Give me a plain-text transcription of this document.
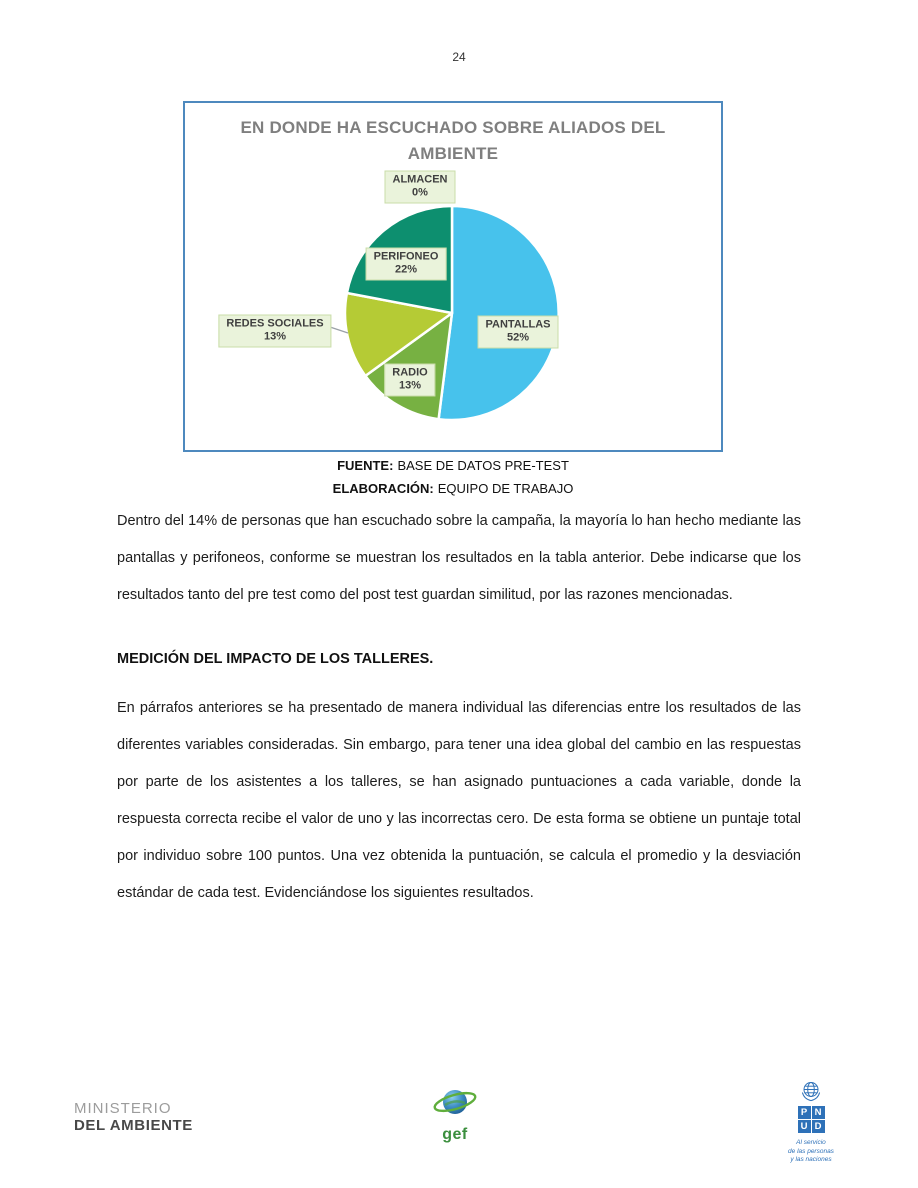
24
EN DONDE HA ESCUCHADO SOBRE ALIADOS DEL AMBIENTE
ALMACEN
0%
PERIFONEO
22%
REDES SOCIALES
13%
RADIO
13%
PANTALLAS
52%
FUENTE: BASE DE DATOS PRE-TEST
ELABORACIÓN: EQUIPO DE TRABAJO

Dentro del 14% de personas que han escuchado sobre la campaña, la mayoría lo han hecho mediante las pantallas y perifoneos, conforme se muestran los resultados en la tabla anterior. Debe indicarse que los resultados tanto del pre test como del post test guardan similitud, por las razones mencionadas.

MEDICIÓN DEL IMPACTO DE LOS TALLERES.

En párrafos anteriores se ha presentado de manera individual las diferencias entre los resultados de las diferentes variables consideradas. Sin embargo, para tener una idea global del cambio en las respuestas por parte de los asistentes a los talleres, se han asignado puntuaciones a cada variable, donde la respuesta correcta recibe el valor de uno y las incorrectas cero. De esta forma se obtiene un puntaje total por individuo sobre 100 puntos. Una vez obtenida la puntuación, se calcula el promedio y la desviación estándar de cada test. Evidenciándose los siguientes resultados.

MINISTERIO
DEL AMBIENTE
gef
P N
U D
Al servicio
de las personas
y las naciones
